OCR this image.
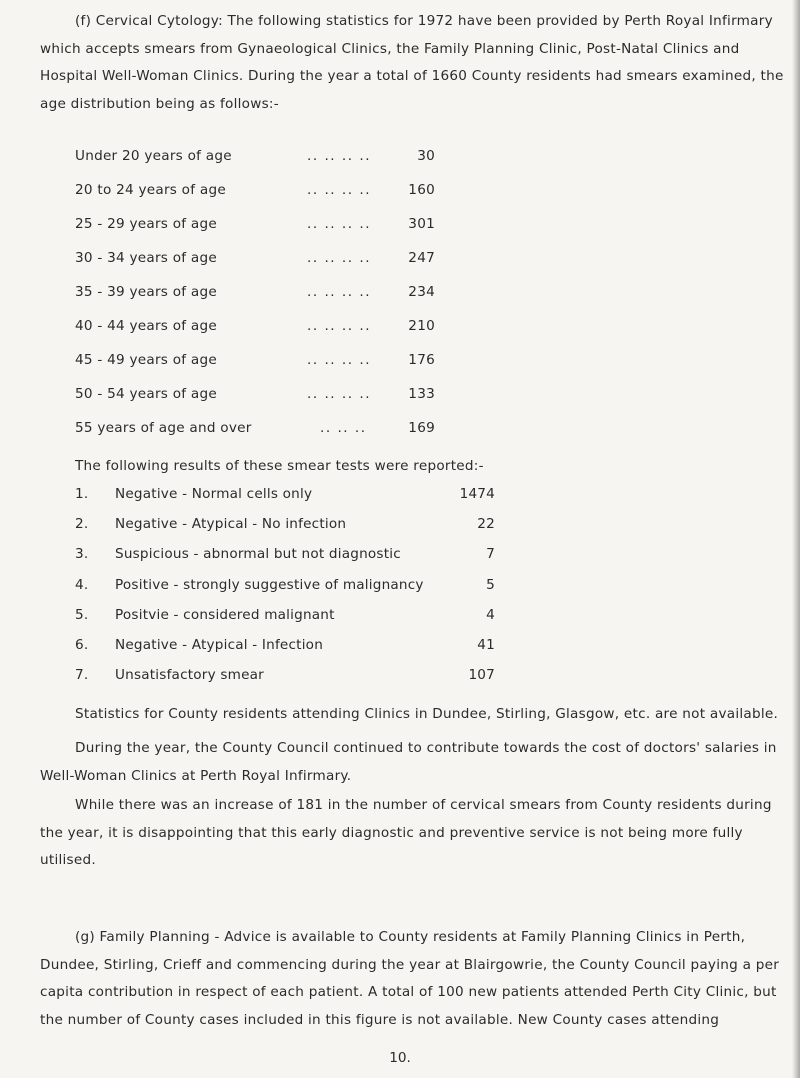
(f) Cervical Cytology: The following statistics for 1972 have been provided by Perth Royal Infirmary which accepts smears from Gynaeological Clinics, the Family Planning Clinic, Post-Natal Clinics and Hospital Well-Woman Clinics. During the year a total of 1660 County residents had smears examined, the age distribution being as follows:-

Under 20 years of age	.. .. .. ..	30
20 to 24 years of age	.. .. .. ..	160
25 - 29 years of age	.. .. .. ..	301
30 - 34 years of age	.. .. .. ..	247
35 - 39 years of age	.. .. .. ..	234
40 - 44 years of age	.. .. .. ..	210
45 - 49 years of age	.. .. .. ..	176
50 - 54 years of age	.. .. .. ..	133
55 years of age and over	.. .. ..	169
The following results of these smear tests were reported:-
1. Negative - Normal cells only	1474
2. Negative - Atypical - No infection	22
3. Suspicious - abnormal but not diagnostic	7
4. Positive - strongly suggestive of malignancy	5
5. Positvie - considered malignant	4
6. Negative - Atypical - Infection	41
7. Unsatisfactory smear	107
Statistics for County residents attending Clinics in Dundee, Stirling, Glasgow, etc. are not available.

During the year, the County Council continued to contribute towards the cost of doctors' salaries in Well-Woman Clinics at Perth Royal Infirmary.

While there was an increase of 181 in the number of cervical smears from County residents during the year, it is disappointing that this early diagnostic and preventive service is not being more fully utilised.

(g) Family Planning - Advice is available to County residents at Family Planning Clinics in Perth, Dundee, Stirling, Crieff and commencing during the year at Blairgowrie, the County Council paying a per capita contribution in respect of each patient. A total of 100 new patients attended Perth City Clinic, but the number of County cases included in this figure is not available. New County cases attending

10.
